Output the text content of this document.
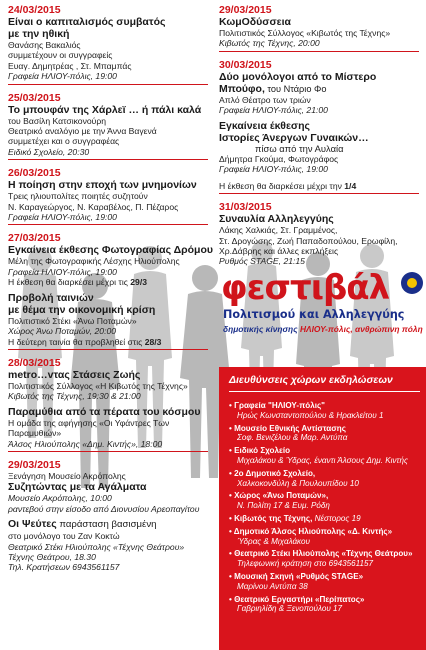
24/03/2015
Είναι ο καπιταλισμός συμβατός
με την ηθική
Θανάσης Βακαλιός
συμμετέχουν οι συγγραφείς
Ευαγ. Δημητρέας , Στ. Μπαμπάς
Γραφεία ΗΛΙΟΥ-πόλις, 19:00
25/03/2015
Το μπουφάν της Χάρλεϊ … ή πάλι καλά
του Βασίλη Κατσικονούρη
Θεατρικό αναλόγιο με την Άννα Βαγενά
συμμετέχει και ο συγγραφέας
Ειδικό Σχολείο, 20:30
26/03/2015
Η ποίηση στην εποχή των μνημονίων
Τρεις ηλιουπολίτες ποιητές συζητούν
Ν. Καραγεώργος, Ν. Καραβέλος, Π. Πέζαρος
Γραφεία ΗΛΙΟΥ-πόλις, 19:00
27/03/2015
Εγκαίνεια έκθεσης Φωτογραφίας Δρόμου
Μέλη της Φωτογραφικής Λέσχης Ηλιούπολης
Γραφεία ΗΛΙΟΥ-πόλις, 19:00
Η έκθεση θα διαρκέσει μέχρι τις 29/3
Προβολή ταινιών
με θέμα την οικονομική κρίση
Πολιτιστικό Στέκι «Άνω Ποταμών»
Χώρος Άνω Ποταμών, 20:00
Η δεύτερη ταινία θα προβληθεί στις 28/3
28/03/2015
metro…vτας Στάσεις Ζωής
Πολιτιστικός Σύλλογος «Η Κιβωτός της Τέχνης»
Κιβωτός της Τέχνης, 19:30 & 21:00
Παραμύθια από τα πέρατα του κόσμου
Η ομάδα της αφήγησης «Οι Υφάντρες Των
Παραμυθιών»
Άλσος Ηλιούπολης «Δημ. Κιντής», 18:00
29/03/2015
Ξενάγηση Μουσείο Ακρόπολης
Συζητώντας με τα Αγάλματα
Μουσείο Ακρόπολης, 10:00
ραντεβού στην είσοδο από Διονυσίου Αρεοπαγίτου
Οι Ψεύτες παράσταση βασισμένη
στο μονόλογο του Ζαν Κοκτώ
Θεατρικό Στέκι Ηλιούπολης «Τέχνης Θεάτρου»
Τέχνης Θεάτρου, 18.30
Τηλ. Κρατήσεων 6943561157
29/03/2015
ΚωμΟδύσσεια
Πολιτιστικός Σύλλογος «Κιβωτός της Τέχνης»
Κιβωτός της Τέχνης, 20:00
30/03/2015
Δύο μονόλογοι από το Μίστερο
Μπούφο, του Ντάριο Φο
Απλό Θέατρο των τριών
Γραφεία ΗΛΙΟΥ-πόλις, 21:00
Εγκαίνεια έκθεσης
Ιστορίες Άνεργων Γυναικών…
πίσω από την Αυλαία
Δήμητρα Γκούμα, Φωτογράφος
Γραφεία ΗΛΙΟΥ-πόλις, 19:00
Η έκθεση θα διαρκέσει μέχρι την 1/4
31/03/2015
Συναυλία Αλληλεγγύης
Λάκης Χαλκιάς, Στ. Γραμμένος,
Στ. Δρογώσης, Ζωή Παπαδοπούλου, Ερωφίλη,
Χρ.Δάβρης και άλλες εκπλήξεις
Ρυθμός STAGE, 21:15
φεστιβάλ
Πολιτισμού και Αλληλεγγύης
δημοτικής κίνησης ΗΛΙΟΥ-πόλις, ανθρώπινη πόλη
Διευθύνσεις χώρων εκδηλώσεων
• Γραφεία "ΗΛΙΟΥ-πόλις"
Ηρώς Κωνσταντοπούλου & Ηρακλείτου 1
• Μουσείο Εθνικής Αντίστασης
Σοφ. Βενιζέλου & Μαρ. Αντύπα
• Ειδικό Σχολείο
Μιχαλάκου & Ύδρας, έναντι Άλσους Δημ. Κιντής
• 2ο Δημοτικό Σχολείο,
Χαλκοκονδύλη & Πουλουπίδου 10
• Χώρος «Άνω Ποταμών»,
Ν. Πολίτη 17 & Ευμ. Ρόδη
• Κιβωτός της Τέχνης, Νέστορος 19
• Δημοτικό Άλσος Ηλιούπολης «Δ. Κιντής»
Ύδρας & Μιχαλάκου
• Θεατρικό Στέκι Ηλιούπολης «Τέχνης Θεάτρου»
Τηλεφωνική κράτηση στο 6943561157
• Μουσική Σκηνή «Ρυθμός STAGE»
Μαρίνου Αντύπα 38
• Θεατρικό Εργαστήρι «Περίπατος»
Γαβριηλίδη & Ξενοπούλου 17
